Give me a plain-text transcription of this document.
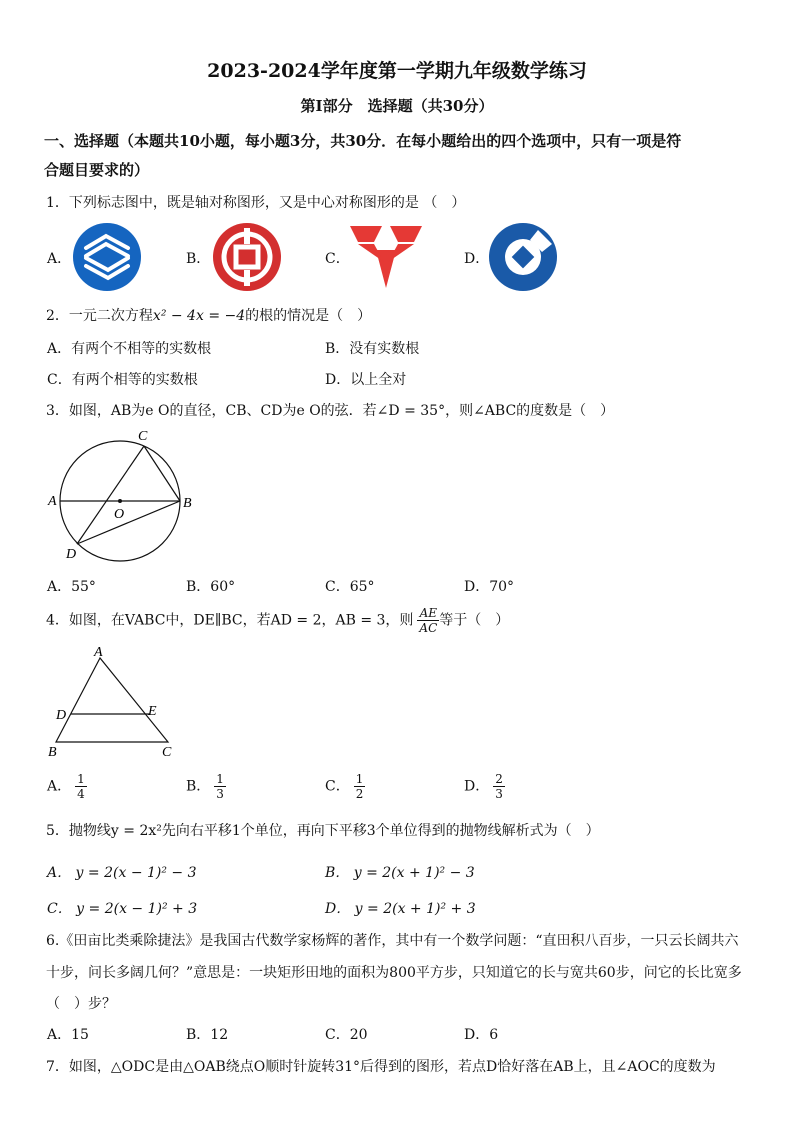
2023-2024学年度第一学期九年级数学练习
第Ⅰ部分　选择题（共30分）
一、选择题（本题共10小题，每小题3分，共30分．在每小题给出的四个选项中，只有一项是符
合题目要求的）
1．下列标志图中，既是轴对称图形，又是中心对称图形的是 （　）
A．	B．	C．	D．
2．一元二次方程x² − 4x = −4的根的情况是（　）
A．有两个不相等的实数根	B．没有实数根
C．有两个相等的实数根	D．以上全对
3．如图，AB为e O的直径，CB、CD为e O的弦．若∠D = 35°，则∠ABC的度数是（　）
A	B
C
D
O
A．55°	B．60°	C．65°	D．70°
4．如图，在VABC中，DE∥BC，若AD = 2，AB = 3，则 $\frac{AE}{AC}$ 等于（　）
A
B	C
D	E
A． $\frac{1}{4}$	B． $\frac{1}{3}$	C． $\frac{1}{2}$	D． $\frac{2}{3}$
5．抛物线y = 2x²先向右平移1个单位，再向下平移3个单位得到的抛物线解析式为（　）
A． y = 2(x − 1)² − 3	B． y = 2(x + 1)² − 3
C． y = 2(x − 1)² + 3	D． y = 2(x + 1)² + 3
6.《田亩比类乘除捷法》是我国古代数学家杨辉的著作，其中有一个数学问题：“直田积八百步，一只云长阔共六
十步，问长多阔几何？”意思是：一块矩形田地的面积为800平方步，只知道它的长与宽共60步，问它的长比宽多
（　）步？
A．15	B．12	C．20	D．6
7．如图，△ODC是由△OAB绕点O顺时针旋转31°后得到的图形，若点D恰好落在AB上，且∠AOC的度数为
